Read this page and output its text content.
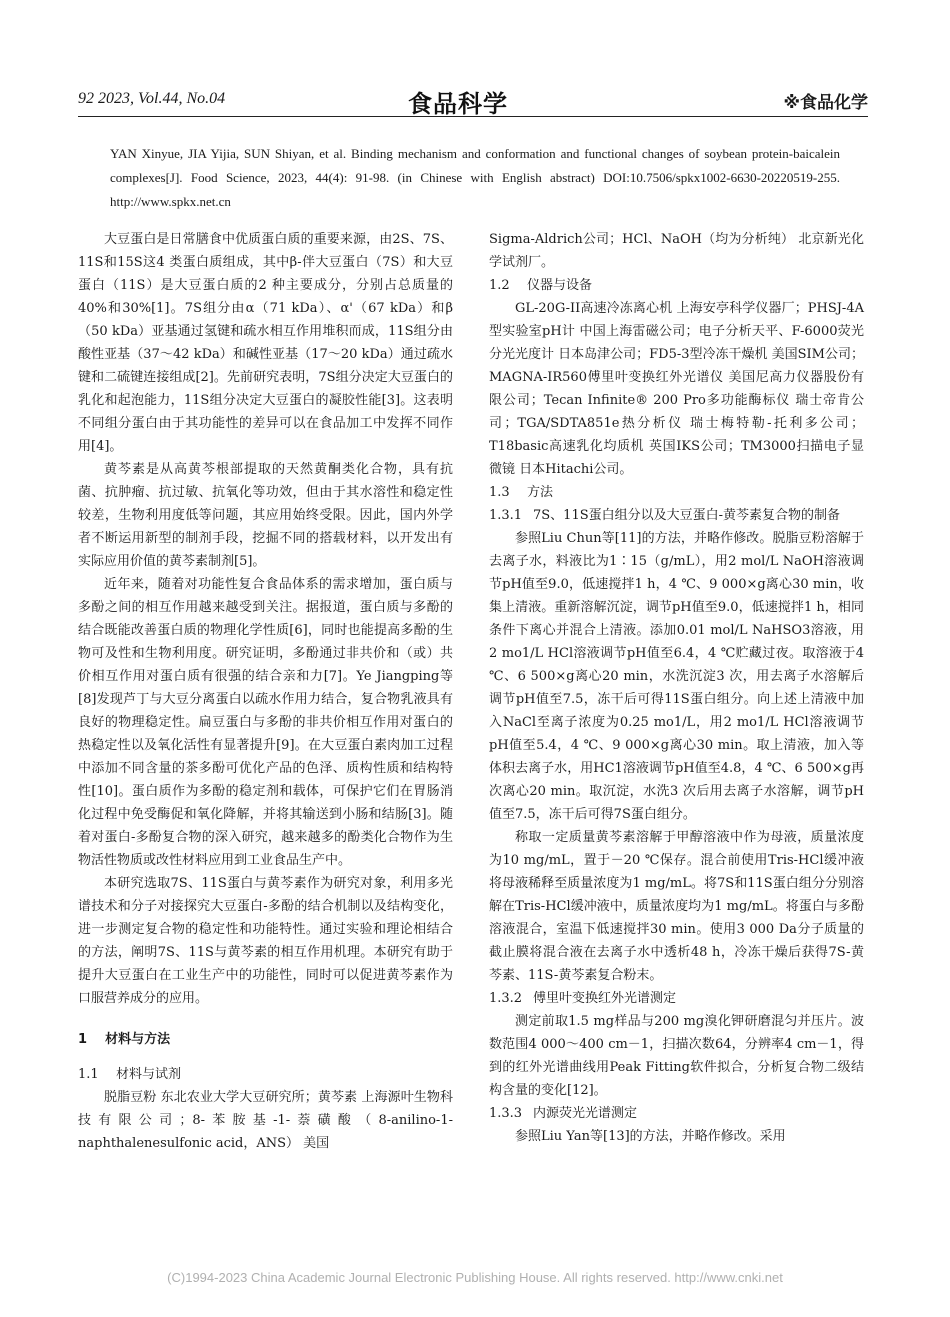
92 2023, Vol.44, No.04	食品科学	※食品化学
YAN Xinyue, JIA Yijia, SUN Shiyan, et al. Binding mechanism and conformation and functional changes of soybean protein-baicalein complexes[J]. Food Science, 2023, 44(4): 91-98. (in Chinese with English abstract) DOI:10.7506/spkx1002-6630-20220519-255. http://www.spkx.net.cn

大豆蛋白是日常膳食中优质蛋白质的重要来源，由2S、7S、11S和15S这4 类蛋白质组成，其中β-伴大豆蛋白（7S）和大豆蛋白（11S）是大豆蛋白质的2 种主要成分，分别占总质量的40%和30%[1]。7S组分由α（71 kDa）、α'（67 kDa）和β（50 kDa）亚基通过氢键和疏水相互作用堆积而成，11S组分由酸性亚基（37～42 kDa）和碱性亚基（17～20 kDa）通过疏水键和二硫键连接组成[2]。先前研究表明，7S组分决定大豆蛋白的乳化和起泡能力，11S组分决定大豆蛋白的凝胶性能[3]。这表明不同组分蛋白由于其功能性的差异可以在食品加工中发挥不同作用[4]。

黄芩素是从高黄芩根部提取的天然黄酮类化合物，具有抗菌、抗肿瘤、抗过敏、抗氧化等功效，但由于其水溶性和稳定性较差，生物利用度低等问题，其应用始终受限。因此，国内外学者不断运用新型的制剂手段，挖掘不同的搭载材料，以开发出有实际应用价值的黄芩素制剂[5]。

近年来，随着对功能性复合食品体系的需求增加，蛋白质与多酚之间的相互作用越来越受到关注。据报道，蛋白质与多酚的结合既能改善蛋白质的物理化学性质[6]，同时也能提高多酚的生物可及性和生物利用度。研究证明，多酚通过非共价和（或）共价相互作用对蛋白质有很强的结合亲和力[7]。Ye Jiangping等[8]发现芦丁与大豆分离蛋白以疏水作用力结合，复合物乳液具有良好的物理稳定性。扁豆蛋白与多酚的非共价相互作用对蛋白的热稳定性以及氧化活性有显著提升[9]。在大豆蛋白素肉加工过程中添加不同含量的茶多酚可优化产品的色泽、质构性质和结构特性[10]。蛋白质作为多酚的稳定剂和载体，可保护它们在胃肠消化过程中免受酶促和氧化降解，并将其输送到小肠和结肠[3]。随着对蛋白-多酚复合物的深入研究，越来越多的酚类化合物作为生物活性物质或改性材料应用到工业食品生产中。

本研究选取7S、11S蛋白与黄芩素作为研究对象，利用多光谱技术和分子对接探究大豆蛋白-多酚的结合机制以及结构变化，进一步测定复合物的稳定性和功能特性。通过实验和理论相结合的方法，阐明7S、11S与黄芩素的相互作用机理。本研究有助于提升大豆蛋白在工业生产中的功能性，同时可以促进黄芩素作为口服营养成分的应用。

1 材料与方法
1.1 材料与试剂

脱脂豆粉 东北农业大学大豆研究所；黄芩素 上海源叶生物科技有限公司；8-苯胺基-1-萘磺酸（8-anilino-1-naphthalenesulfonic acid，ANS） 美国

Sigma-Aldrich公司；HCl、NaOH（均为分析纯） 北京新光化学试剂厂。

1.2 仪器与设备

GL-20G-II高速冷冻离心机 上海安亭科学仪器厂；PHSJ-4A型实验室pH计 中国上海雷磁公司；电子分析天平、F-6000荧光分光光度计 日本岛津公司；FD5-3型冷冻干燥机 美国SIM公司；MAGNA-IR560傅里叶变换红外光谱仪 美国尼高力仪器股份有限公司；Tecan Infinite® 200 Pro多功能酶标仪 瑞士帝肯公司；TGA/SDTA851e热分析仪 瑞士梅特勒-托利多公司；T18basic高速乳化均质机 英国IKS公司；TM3000扫描电子显微镜 日本Hitachi公司。

1.3 方法
1.3.1 7S、11S蛋白组分以及大豆蛋白-黄芩素复合物的制备

参照Liu Chun等[11]的方法，并略作修改。脱脂豆粉溶解于去离子水，料液比为1∶15（g/mL），用2 mol/L NaOH溶液调节pH值至9.0，低速搅拌1 h，4 ℃、9 000×g离心30 min，收集上清液。重新溶解沉淀，调节pH值至9.0，低速搅拌1 h，相同条件下离心并混合上清液。添加0.01 mol/L NaHSO3溶液，用2 mo1/L HCl溶液调节pH值至6.4，4 ℃贮藏过夜。取溶液于4 ℃、6 500×g离心20 min，水洗沉淀3 次，用去离子水溶解后调节pH值至7.5，冻干后可得11S蛋白组分。向上述上清液中加入NaCl至离子浓度为0.25 mo1/L，用2 mo1/L HCl溶液调节pH值至5.4，4 ℃、9 000×g离心30 min。取上清液，加入等体积去离子水，用HC1溶液调节pH值至4.8，4 ℃、6 500×g再次离心20 min。取沉淀，水洗3 次后用去离子水溶解，调节pH值至7.5，冻干后可得7S蛋白组分。

称取一定质量黄芩素溶解于甲醇溶液中作为母液，质量浓度为10 mg/mL，置于－20 ℃保存。混合前使用Tris-HCl缓冲液将母液稀释至质量浓度为1 mg/mL。将7S和11S蛋白组分分别溶解在Tris-HCl缓冲液中，质量浓度均为1 mg/mL。将蛋白与多酚溶液混合，室温下低速搅拌30 min。使用3 000 Da分子质量的截止膜将混合液在去离子水中透析48 h，冷冻干燥后获得7S-黄芩素、11S-黄芩素复合粉末。

1.3.2 傅里叶变换红外光谱测定

测定前取1.5 mg样品与200 mg溴化钾研磨混匀并压片。波数范围4 000～400 cm－1，扫描次数64，分辨率4 cm－1，得到的红外光谱曲线用Peak Fitting软件拟合，分析复合物二级结构含量的变化[12]。

1.3.3 内源荧光光谱测定

参照Liu Yan等[13]的方法，并略作修改。采用

(C)1994-2023 China Academic Journal Electronic Publishing House. All rights reserved. http://www.cnki.net
